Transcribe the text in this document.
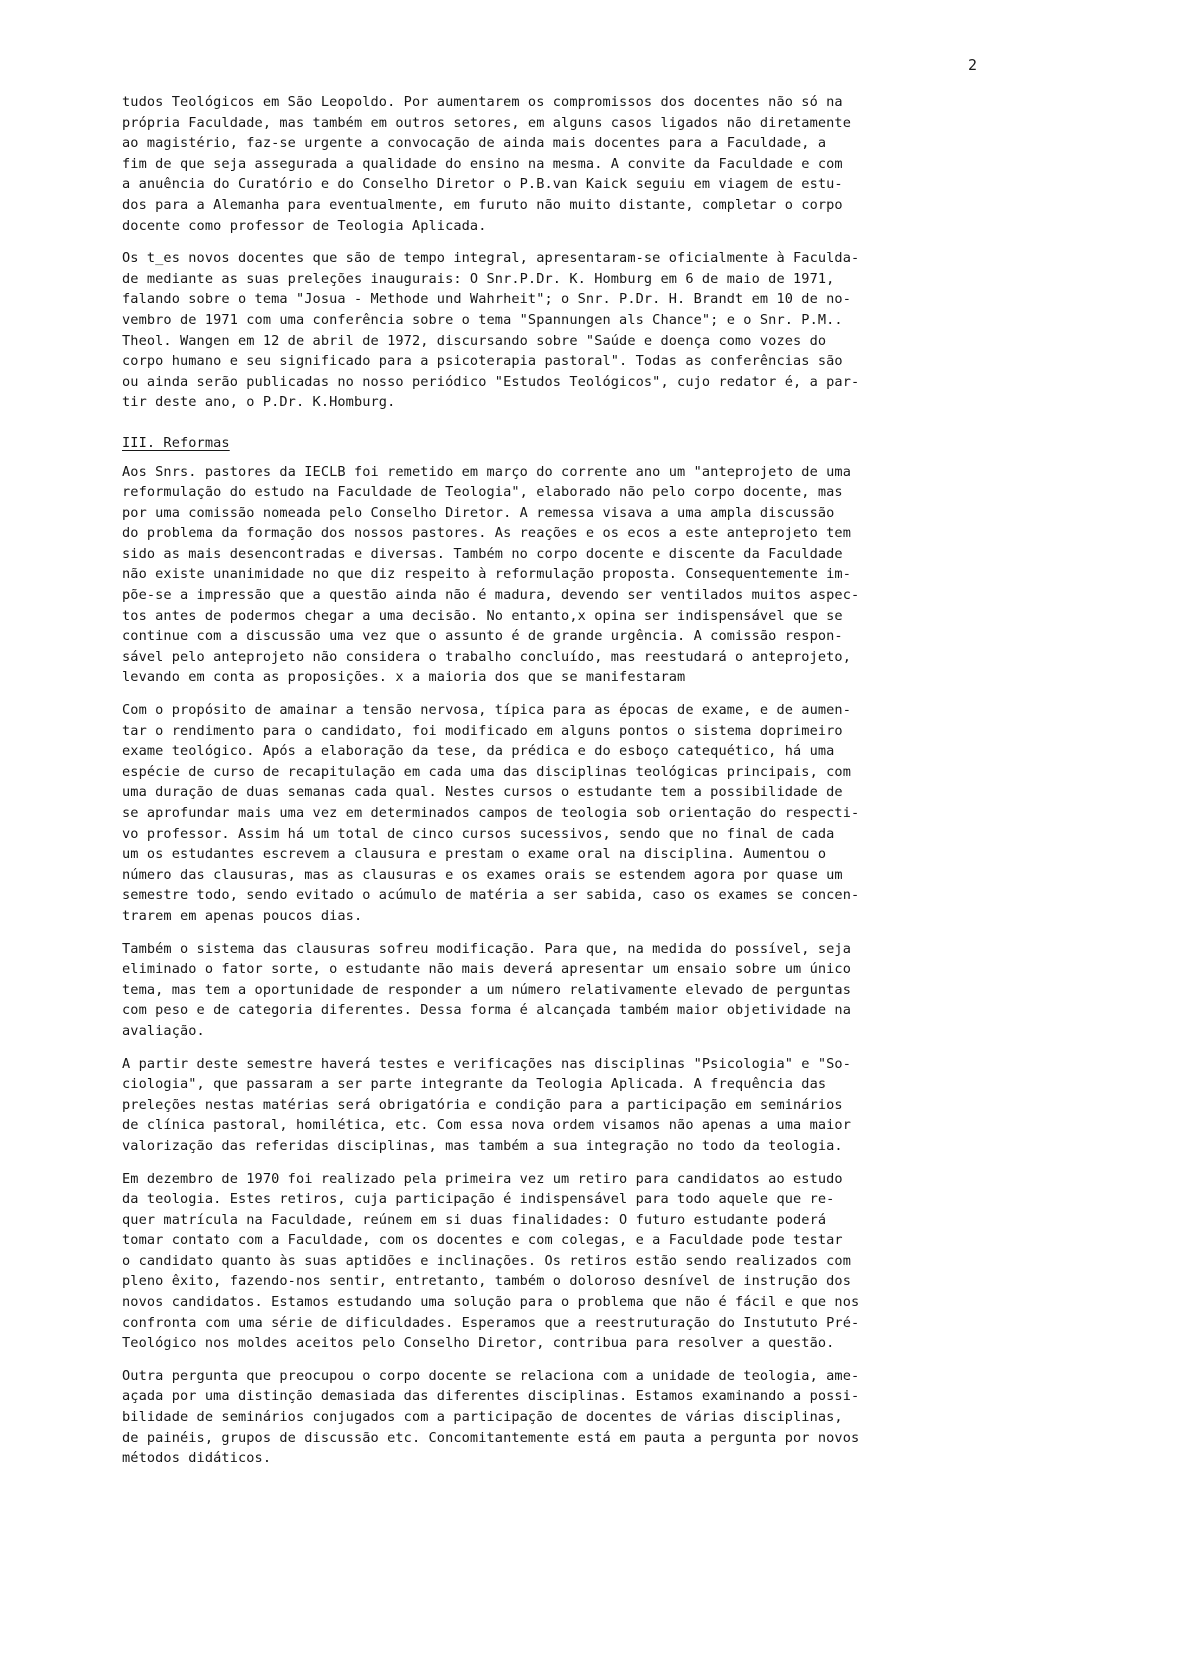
2

tudos Teológicos em São Leopoldo. Por aumentarem os compromissos dos docentes não só na
própria Faculdade, mas também em outros setores, em alguns casos ligados não diretamente
ao magistério, faz-se urgente a convocação de ainda mais docentes para a Faculdade, a
fim de que seja assegurada a qualidade do ensino na mesma. A convite da Faculdade e com
a anuência do Curatório e do Conselho Diretor o P.B.van Kaick seguiu em viagem de estu-
dos para a Alemanha para eventualmente, em furuto não muito distante, completar o corpo
docente como professor de Teologia Aplicada.

Os t_es novos docentes que são de tempo integral, apresentaram-se oficialmente à Faculda-
de mediante as suas preleções inaugurais: O Snr.P.Dr. K. Homburg em 6 de maio de 1971,
falando sobre o tema "Josua - Methode und Wahrheit"; o Snr. P.Dr. H. Brandt em 10 de no-
vembro de 1971 com uma conferência sobre o tema "Spannungen als Chance"; e o Snr. P.M..
Theol. Wangen em 12 de abril de 1972, discursando sobre "Saúde e doença como vozes do
corpo humano e seu significado para a psicoterapia pastoral". Todas as conferências são
ou ainda serão publicadas no nosso periódico "Estudos Teológicos", cujo redator é, a par-
tir deste ano, o P.Dr. K.Homburg.

III. Reformas

Aos Snrs. pastores da IECLB foi remetido em março do corrente ano um "anteprojeto de uma
reformulação do estudo na Faculdade de Teologia", elaborado não pelo corpo docente, mas
por uma comissão nomeada pelo Conselho Diretor. A remessa visava a uma ampla discussão
do problema da formação dos nossos pastores. As reações e os ecos a este anteprojeto tem
sido as mais desencontradas e diversas. Também no corpo docente e discente da Faculdade
não existe unanimidade no que diz respeito à reformulação proposta. Consequentemente im-
põe-se a impressão que a questão ainda não é madura, devendo ser ventilados muitos aspec-
tos antes de podermos chegar a uma decisão. No entanto,x opina ser indispensável que se
continue com a discussão uma vez que o assunto é de grande urgência. A comissão respon-
sável pelo anteprojeto não considera o trabalho concluído, mas reestudará o anteprojeto,
levando em conta as proposições. x a maioria dos que se manifestaram

Com o propósito de amainar a tensão nervosa, típica para as épocas de exame, e de aumen-
tar o rendimento para o candidato, foi modificado em alguns pontos o sistema doprimeiro
exame teológico. Após a elaboração da tese, da prédica e do esboço catequético, há uma
espécie de curso de recapitulação em cada uma das disciplinas teológicas principais, com
uma duração de duas semanas cada qual. Nestes cursos o estudante tem a possibilidade de
se aprofundar mais uma vez em determinados campos de teologia sob orientação do respecti-
vo professor. Assim há um total de cinco cursos sucessivos, sendo que no final de cada
um os estudantes escrevem a clausura e prestam o exame oral na disciplina. Aumentou o
número das clausuras, mas as clausuras e os exames orais se estendem agora por quase um
semestre todo, sendo evitado o acúmulo de matéria a ser sabida, caso os exames se concen-
trarem em apenas poucos dias.

Também o sistema das clausuras sofreu modificação. Para que, na medida do possível, seja
eliminado o fator sorte, o estudante não mais deverá apresentar um ensaio sobre um único
tema, mas tem a oportunidade de responder a um número relativamente elevado de perguntas
com peso e de categoria diferentes. Dessa forma é alcançada também maior objetividade na
avaliação.

A partir deste semestre haverá testes e verificações nas disciplinas "Psicologia" e "So-
ciologia", que passaram a ser parte integrante da Teologia Aplicada. A frequência das
preleções nestas matérias será obrigatória e condição para a participação em seminários
de clínica pastoral, homilética, etc. Com essa nova ordem visamos não apenas a uma maior
valorização das referidas disciplinas, mas também a sua integração no todo da teologia.

Em dezembro de 1970 foi realizado pela primeira vez um retiro para candidatos ao estudo
da teologia. Estes retiros, cuja participação é indispensável para todo aquele que re-
quer matrícula na Faculdade, reúnem em si duas finalidades: O futuro estudante poderá
tomar contato com a Faculdade, com os docentes e com colegas, e a Faculdade pode testar
o candidato quanto às suas aptidões e inclinações. Os retiros estão sendo realizados com
pleno êxito, fazendo-nos sentir, entretanto, também o doloroso desnível de instrução dos
novos candidatos. Estamos estudando uma solução para o problema que não é fácil e que nos
confronta com uma série de dificuldades. Esperamos que a reestruturação do Instututo Pré-
Teológico nos moldes aceitos pelo Conselho Diretor, contribua para resolver a questão.

Outra pergunta que preocupou o corpo docente se relaciona com a unidade de teologia, ame-
açada por uma distinção demasiada das diferentes disciplinas. Estamos examinando a possi-
bilidade de seminários conjugados com a participação de docentes de várias disciplinas,
de painéis, grupos de discussão etc. Concomitantemente está em pauta a pergunta por novos
métodos didáticos.
